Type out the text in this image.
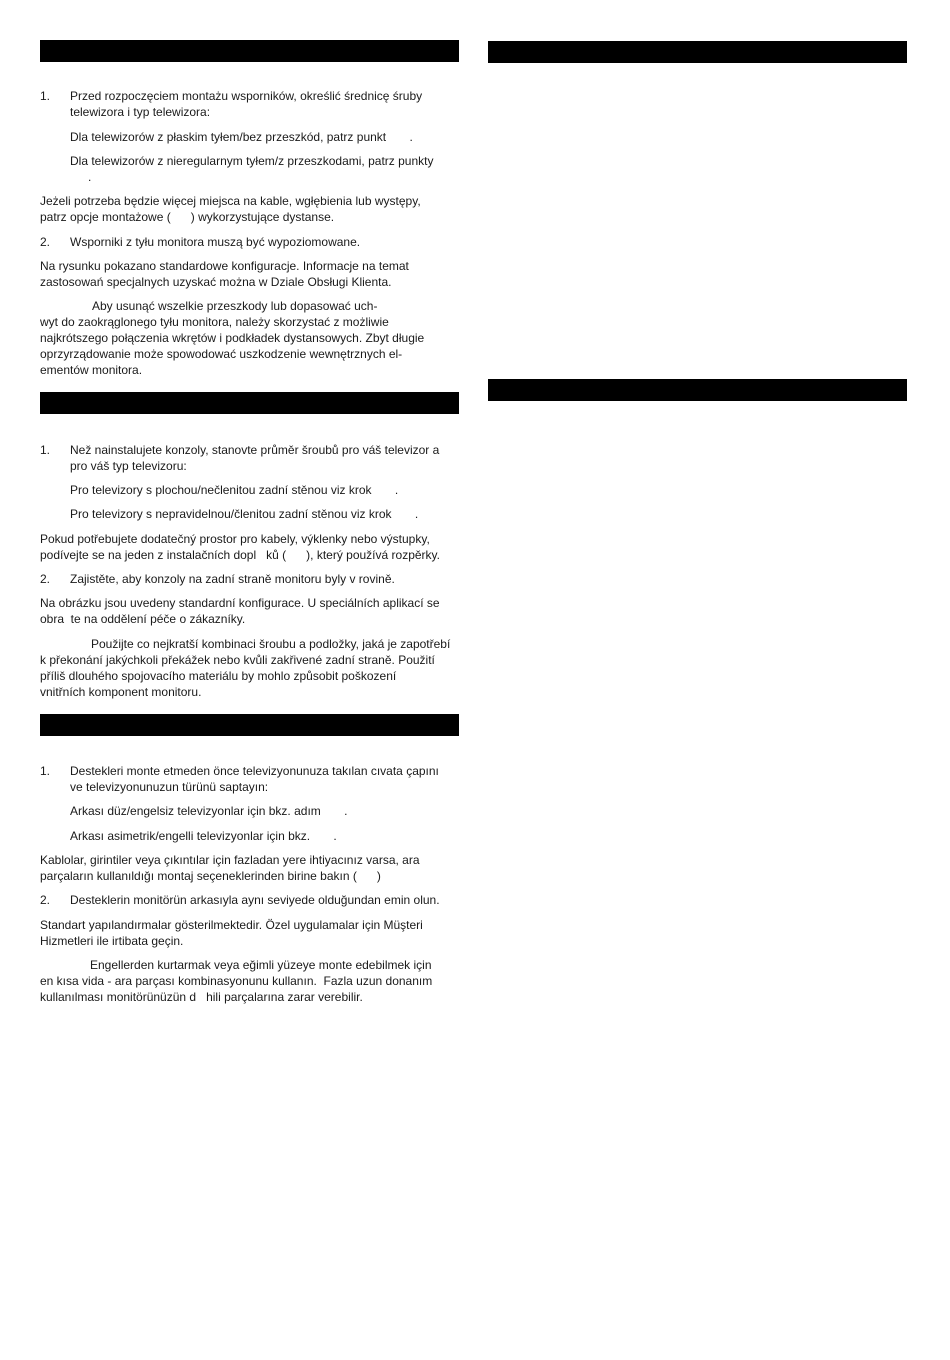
1. Przed rozpoczęciem montażu wsporników, określić średnicę śruby
telewizora i typ telewizora:
Dla telewizorów z płaskim tyłem/bez przeszkód, patrz punkt       .
Dla telewizorów z nieregularnym tyłem/z przeszkodami, patrz punkty
.
Jeżeli potrzeba będzie więcej miejsca na kable, wgłębienia lub występy,
patrz opcje montażowe (      ) wykorzystujące dystanse.
2. Wsporniki z tyłu monitora muszą być wypoziomowane.
Na rysunku pokazano standardowe konfiguracje. Informacje na temat
zastosowań specjalnych uzyskać można w Dziale Obsługi Klienta.
Aby usunąć wszelkie przeszkody lub dopasować uch-
wyt do zaokrąglonego tyłu monitora, należy skorzystać z możliwie
najkrótszego połączenia wkrętów i podkładek dystansowych. Zbyt długie
oprzyrządowanie może spowodować uszkodzenie wewnętrznych el-
ementów monitora.
1. Než nainstalujete konzoly, stanovte průměr šroubů pro váš televizor a
pro váš typ televizoru:
Pro televizory s plochou/nečlenitou zadní stěnou viz krok       .
Pro televizory s nepravidelnou/členitou zadní stěnou viz krok       .
Pokud potřebujete dodatečný prostor pro kabely, výklenky nebo výstupky,
podívejte se na jeden z instalačních dopl   ků (      ), který používá rozpěrky.
2. Zajistěte, aby konzoly na zadní straně monitoru byly v rovině.
Na obrázku jsou uvedeny standardní konfigurace. U speciálních aplikací se
obra  te na oddělení péče o zákazníky.
Použijte co nejkratší kombinaci šroubu a podložky, jaká je zapotřebí
k překonání jakýchkoli překážek nebo kvůli zakřivené zadní straně. Použití
příliš dlouhého spojovacího materiálu by mohlo způsobit poškození
vnitřních komponent monitoru.
1. Destekleri monte etmeden önce televizyonunuza takılan cıvata çapını
ve televizyonunuzun türünü saptayın:
Arkası düz/engelsiz televizyonlar için bkz. adım       .
Arkası asimetrik/engelli televizyonlar için bkz.       .
Kablolar, girintiler veya çıkıntılar için fazladan yere ihtiyacınız varsa, ara
parçaların kullanıldığı montaj seçeneklerinden birine bakın (      )
2. Desteklerin monitörün arkasıyla aynı seviyede olduğundan emin olun.
Standart yapılandırmalar gösterilmektedir. Özel uygulamalar için Müşteri
Hizmetleri ile irtibata geçin.
Engellerden kurtarmak veya eğimli yüzeye monte edebilmek için
en kısa vida - ara parçası kombinasyonunu kullanın.  Fazla uzun donanım
kullanılması monitörünüzün d   hili parçalarına zarar verebilir.
